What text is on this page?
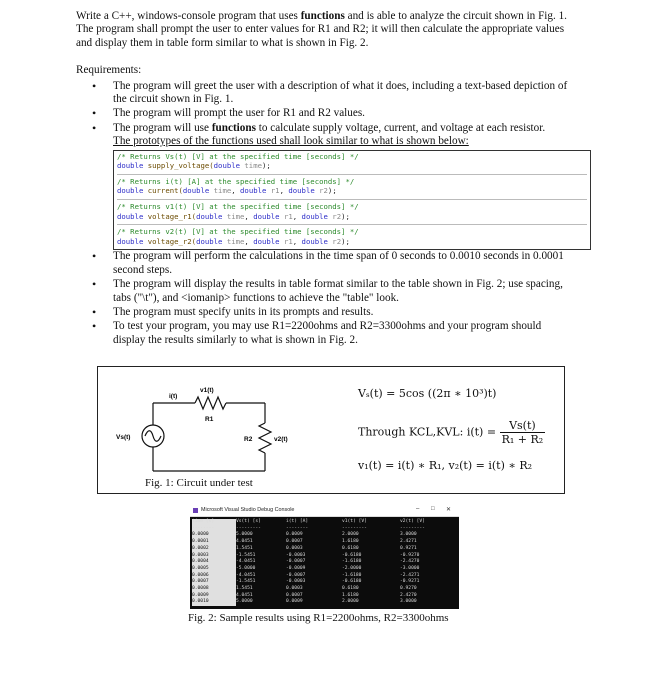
Write a C++, windows-console program that uses functions and is able to analyze the circuit shown in Fig. 1. The program shall prompt the user to enter values for R1 and R2; it will then calculate the appropriate values and display them in table form similar to what is shown in Fig. 2.

Requirements:

• The program will greet the user with a description of what it does, including a text-based depiction of the circuit shown in Fig. 1.
• The program will prompt the user for R1 and R2 values.
• The program will use functions to calculate supply voltage, current, and voltage at each resistor.
The prototypes of the functions used shall look similar to what is shown below:
/* Returns Vs(t) [V] at the specified time [seconds] */
double supply_voltage(double time);
/* Returns i(t) [A] at the specified time [seconds] */
double current(double time, double r1, double r2);
/* Returns v1(t) [V] at the specified time [seconds] */
double voltage_r1(double time, double r1, double r2);
/* Returns v2(t) [V] at the specified time [seconds] */
double voltage_r2(double time, double r1, double r2);
• The program will perform the calculations in the time span of 0 seconds to 0.0010 seconds in 0.0001 second steps.
• The program will display the results in table format similar to the table shown in Fig. 2; use spacing, tabs ("\t"), and <iomanip> functions to achieve the "table" look.
• The program must specify units in its prompts and results.
• To test your program, you may use R1=2200ohms and R2=3300ohms and your program should display the results similarly to what is shown in Fig. 2.
i(t)
v1(t)
R1
Vs(t)	R2	v2(t)
Fig. 1: Circuit under test
Vₛ(t) = 5cos ((2π ∗ 10³)t)
Through KCL,KVL: $i(t) = \frac{Vs(t)}{\text{R₁ + R₂}}$
v₁(t) = i(t) ∗ R₁, v₂(t) = i(t) ∗ R₂
Microsoft Visual Studio Debug Console	– □ ✕
time [s]	Vs(t) [s]	i(t) [A]	v1(t) [V]	v2(t) [V]
--------	---------	--------	---------	---------
0.0000	5.0000	0.0009	2.0000	3.0000
0.0001	4.0451	0.0007	1.6180	2.4271
0.0002	1.5451	0.0003	0.6180	0.9271
0.0003	-1.5451	-0.0003	-0.6180	-0.9270
0.0004	-4.0451	-0.0007	-1.6180	-2.4270
0.0005	-5.0000	-0.0009	-2.0000	-3.0000
0.0006	-4.0451	-0.0007	-1.6180	-2.4271
0.0007	-1.5451	-0.0003	-0.6180	-0.9271
0.0008	1.5451	0.0003	0.6180	0.9270
0.0009	4.0451	0.0007	1.6180	2.4270
0.0010	5.0000	0.0009	2.0000	3.0000
Fig. 2: Sample results using R1=2200ohms, R2=3300ohms
